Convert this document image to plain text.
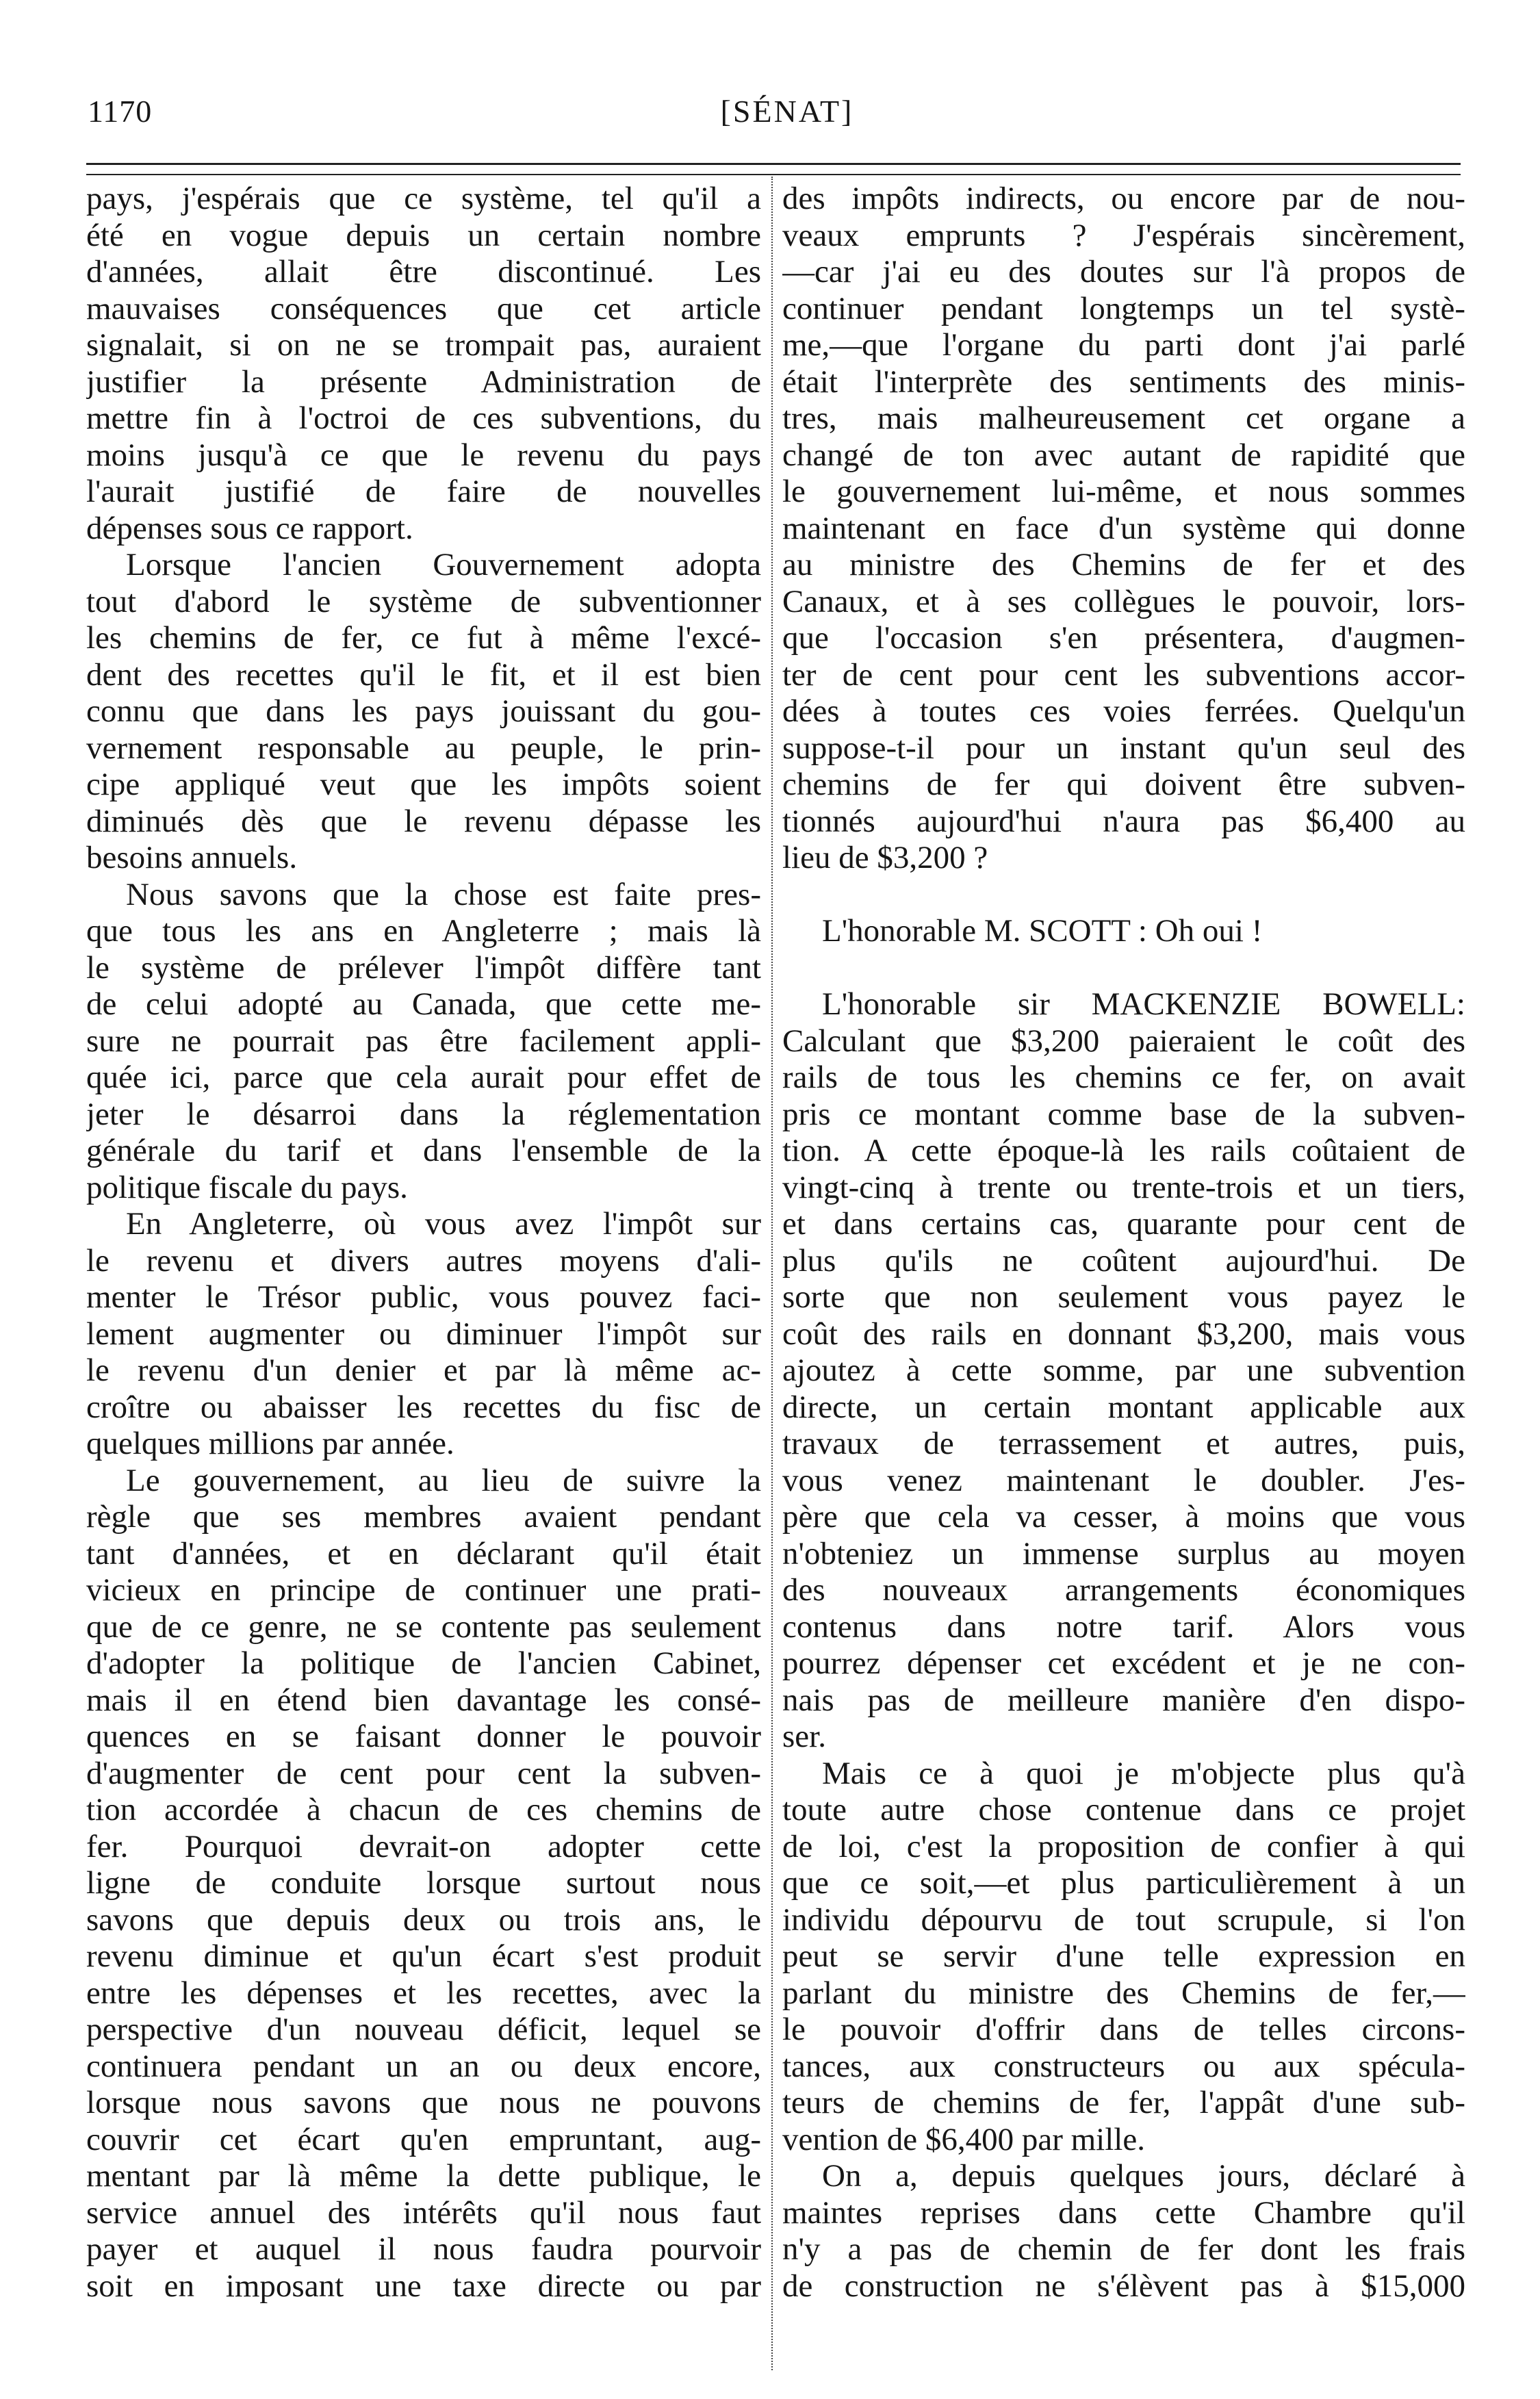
1170	[SÉNAT]
pays, j'espérais que ce système, tel qu'il a
été en vogue depuis un certain nombre
d'années, allait être discontinué. Les
mauvaises conséquences que cet article
signalait, si on ne se trompait pas, auraient
justifier la présente Administration de
mettre fin à l'octroi de ces subventions, du
moins jusqu'à ce que le revenu du pays
l'aurait justifié de faire de nouvelles
dépenses sous ce rapport.
Lorsque l'ancien Gouvernement adopta
tout d'abord le système de subventionner
les chemins de fer, ce fut à même l'excé-
dent des recettes qu'il le fit, et il est bien
connu que dans les pays jouissant du gou-
vernement responsable au peuple, le prin-
cipe appliqué veut que les impôts soient
diminués dès que le revenu dépasse les
besoins annuels.
Nous savons que la chose est faite pres-
que tous les ans en Angleterre ; mais là
le système de prélever l'impôt diffère tant
de celui adopté au Canada, que cette me-
sure ne pourrait pas être facilement appli-
quée ici, parce que cela aurait pour effet de
jeter le désarroi dans la réglementation
générale du tarif et dans l'ensemble de la
politique fiscale du pays.
En Angleterre, où vous avez l'impôt sur
le revenu et divers autres moyens d'ali-
menter le Trésor public, vous pouvez faci-
lement augmenter ou diminuer l'impôt sur
le revenu d'un denier et par là même ac-
croître ou abaisser les recettes du fisc de
quelques millions par année.
Le gouvernement, au lieu de suivre la
règle que ses membres avaient pendant
tant d'années, et en déclarant qu'il était
vicieux en principe de continuer une prati-
que de ce genre, ne se contente pas seulement
d'adopter la politique de l'ancien Cabinet,
mais il en étend bien davantage les consé-
quences en se faisant donner le pouvoir
d'augmenter de cent pour cent la subven-
tion accordée à chacun de ces chemins de
fer. Pourquoi devrait-on adopter cette
ligne de conduite lorsque surtout nous
savons que depuis deux ou trois ans, le
revenu diminue et qu'un écart s'est produit
entre les dépenses et les recettes, avec la
perspective d'un nouveau déficit, lequel se
continuera pendant un an ou deux encore,
lorsque nous savons que nous ne pouvons
couvrir cet écart qu'en empruntant, aug-
mentant par là même la dette publique, le
service annuel des intérêts qu'il nous faut
payer et auquel il nous faudra pourvoir
soit en imposant une taxe directe ou par
des impôts indirects, ou encore par de nou-
veaux emprunts ? J'espérais sincèrement,
—car j'ai eu des doutes sur l'à propos de
continuer pendant longtemps un tel systè-
me,—que l'organe du parti dont j'ai parlé
était l'interprète des sentiments des minis-
tres, mais malheureusement cet organe a
changé de ton avec autant de rapidité que
le gouvernement lui-même, et nous sommes
maintenant en face d'un système qui donne
au ministre des Chemins de fer et des
Canaux, et à ses collègues le pouvoir, lors-
que l'occasion s'en présentera, d'augmen-
ter de cent pour cent les subventions accor-
dées à toutes ces voies ferrées. Quelqu'un
suppose-t-il pour un instant qu'un seul des
chemins de fer qui doivent être subven-
tionnés aujourd'hui n'aura pas $6,400 au
lieu de $3,200 ?
L'honorable M. SCOTT : Oh oui !
L'honorable sir MACKENZIE BOWELL:
Calculant que $3,200 paieraient le coût des
rails de tous les chemins ce fer, on avait
pris ce montant comme base de la subven-
tion. A cette époque-là les rails coûtaient de
vingt-cinq à trente ou trente-trois et un tiers,
et dans certains cas, quarante pour cent de
plus qu'ils ne coûtent aujourd'hui. De
sorte que non seulement vous payez le
coût des rails en donnant $3,200, mais vous
ajoutez à cette somme, par une subvention
directe, un certain montant applicable aux
travaux de terrassement et autres, puis,
vous venez maintenant le doubler. J'es-
père que cela va cesser, à moins que vous
n'obteniez un immense surplus au moyen
des nouveaux arrangements économiques
contenus dans notre tarif. Alors vous
pourrez dépenser cet excédent et je ne con-
nais pas de meilleure manière d'en dispo-
ser.
Mais ce à quoi je m'objecte plus qu'à
toute autre chose contenue dans ce projet
de loi, c'est la proposition de confier à qui
que ce soit,—et plus particulièrement à un
individu dépourvu de tout scrupule, si l'on
peut se servir d'une telle expression en
parlant du ministre des Chemins de fer,—
le pouvoir d'offrir dans de telles circons-
tances, aux constructeurs ou aux spécula-
teurs de chemins de fer, l'appât d'une sub-
vention de $6,400 par mille.
On a, depuis quelques jours, déclaré à
maintes reprises dans cette Chambre qu'il
n'y a pas de chemin de fer dont les frais
de construction ne s'élèvent pas à $15,000
